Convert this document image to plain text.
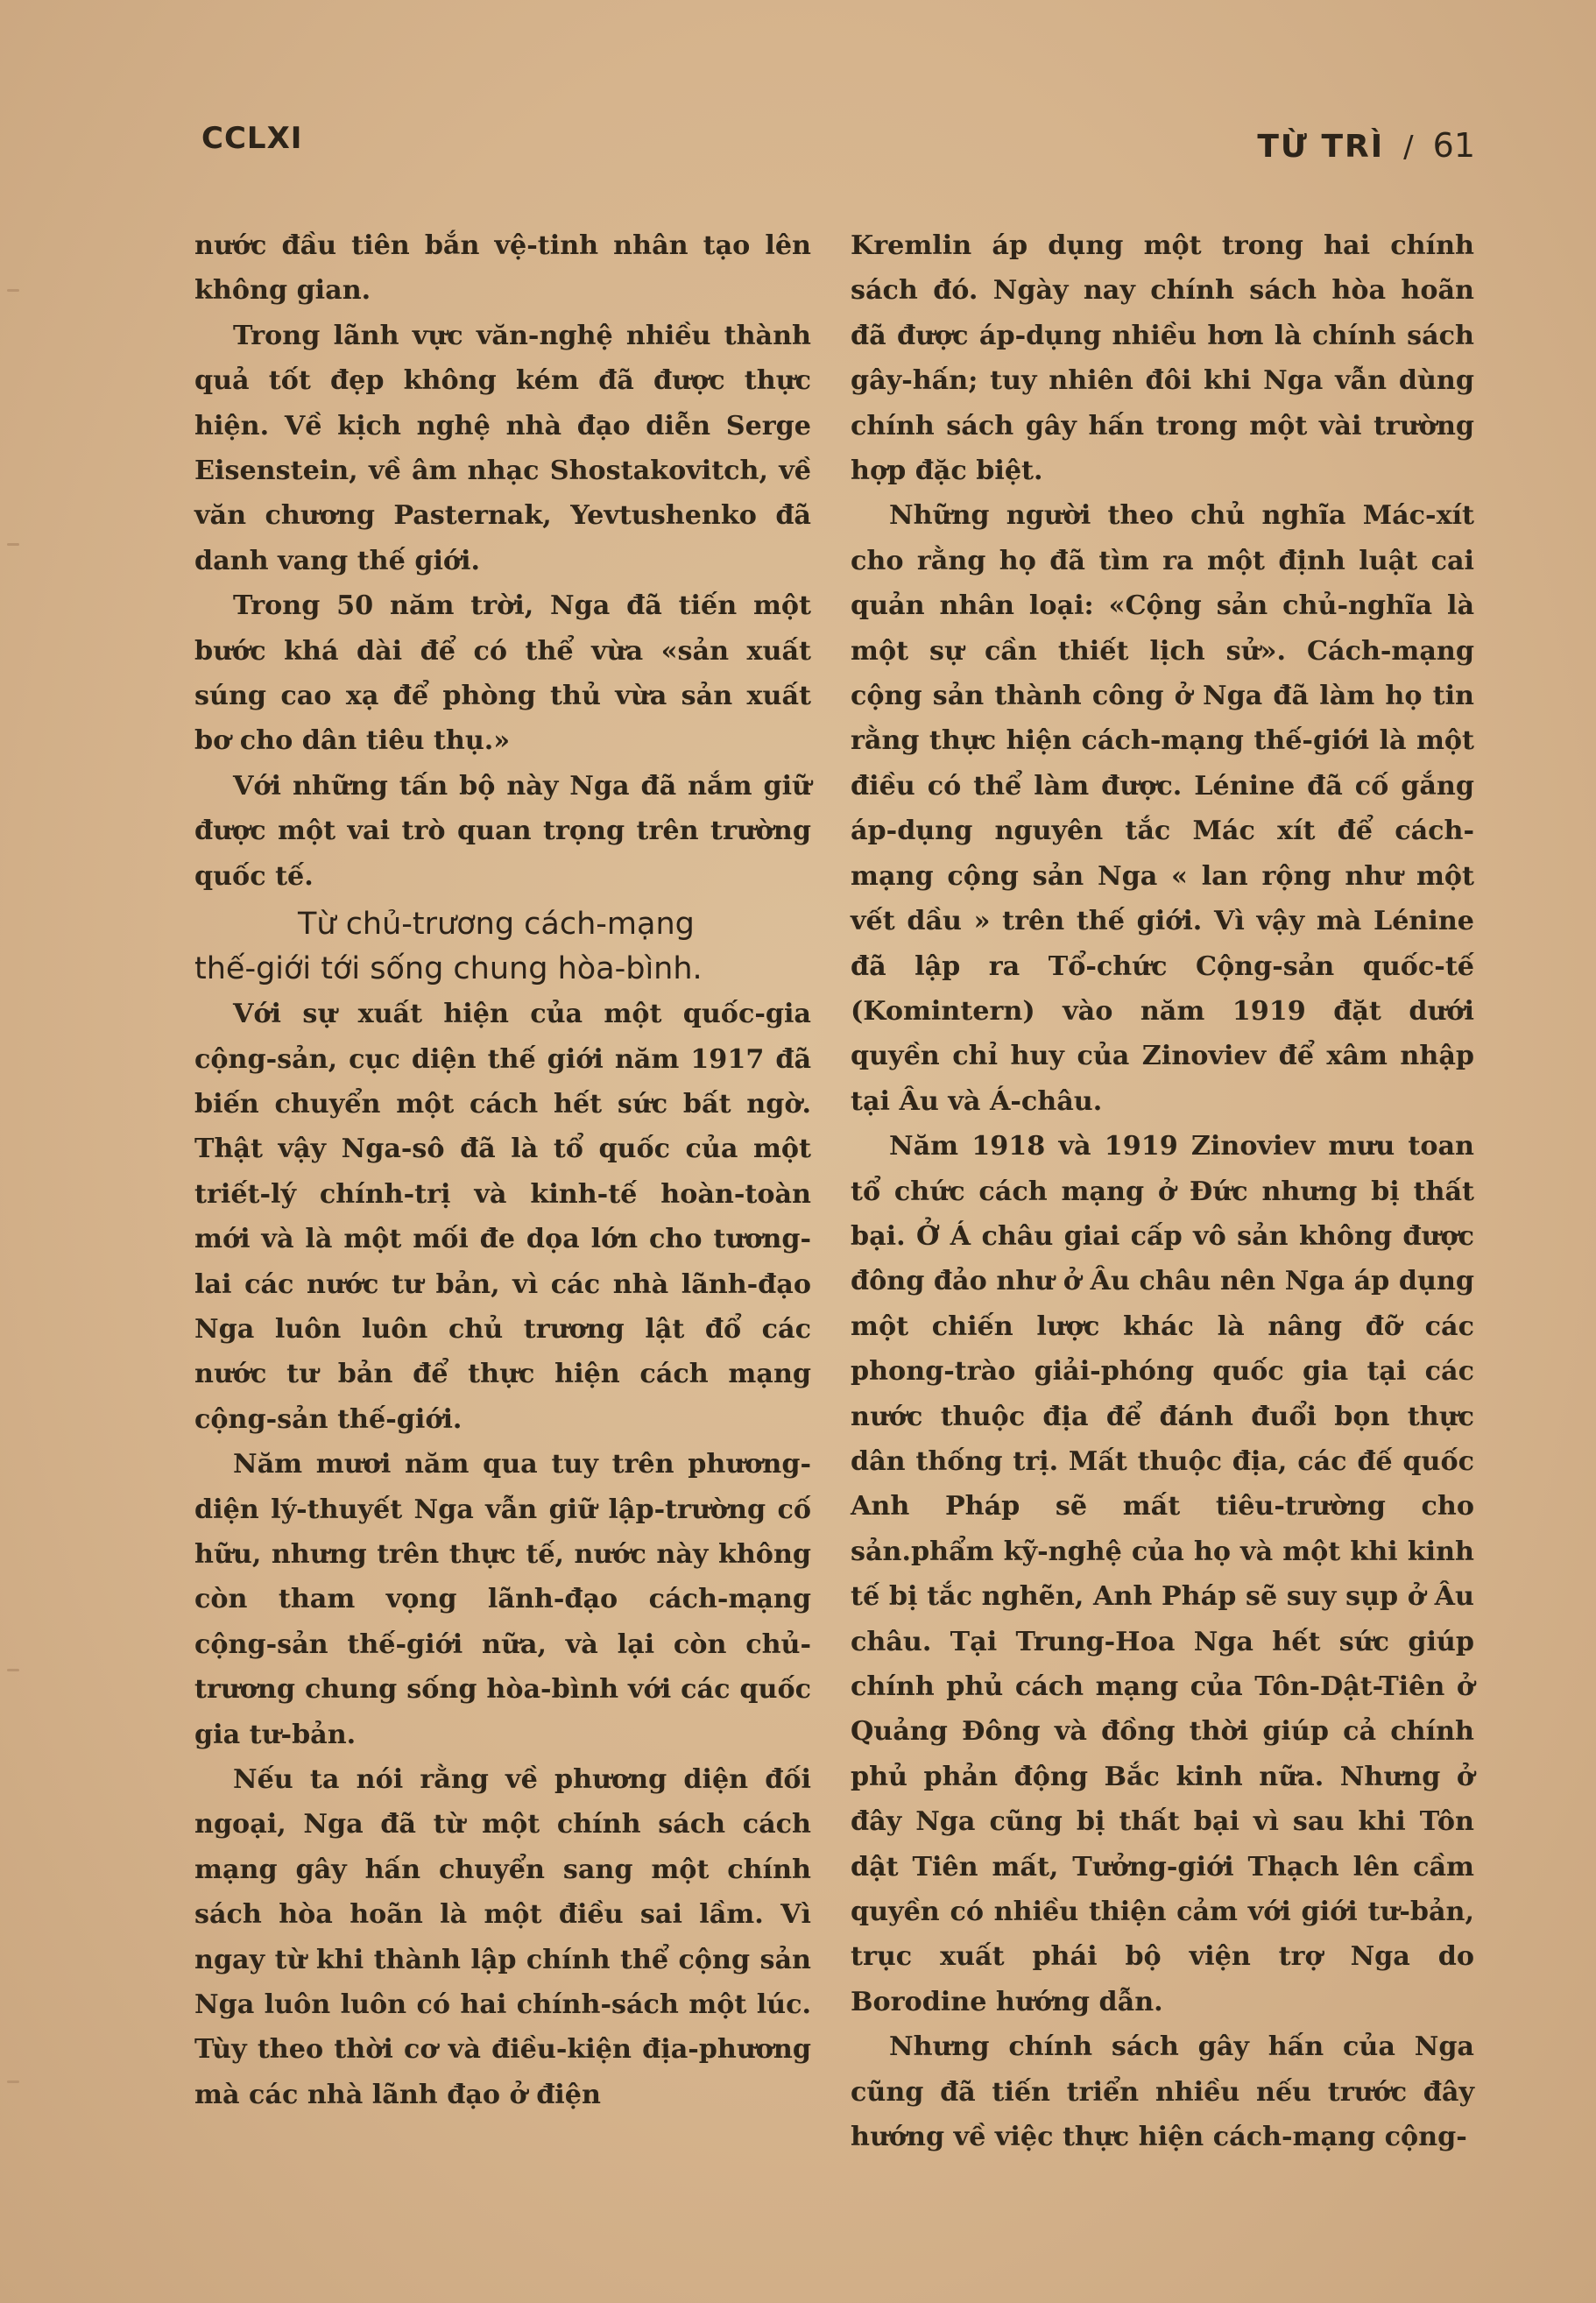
CCLXI	TỪ TRÌ / 61

nước đầu tiên bắn vệ-tinh nhân tạo lên không gian.

Trong lãnh vực văn-nghệ nhiều thành quả tốt đẹp không kém đã được thực hiện. Về kịch nghệ nhà đạo diễn Serge Eisenstein, về âm nhạc Shostakovitch, về văn chương Pasternak, Yevtushenko đã danh vang thế giới.

Trong 50 năm trời, Nga đã tiến một bước khá dài để có thể vừa «sản xuất súng cao xạ để phòng thủ vừa sản xuất bơ cho dân tiêu thụ.»

Với những tấn bộ này Nga đã nắm giữ được một vai trò quan trọng trên trường quốc tế.

Từ chủ-trương cách-mạng
thế-giới tới sống chung hòa-bình.

Với sự xuất hiện của một quốc-gia cộng-sản, cục diện thế giới năm 1917 đã biến chuyển một cách hết sức bất ngờ. Thật vậy Nga-sô đã là tổ quốc của một triết-lý chính-trị và kinh-tế hoàn-toàn mới và là một mối đe dọa lớn cho tương-lai các nước tư bản, vì các nhà lãnh-đạo Nga luôn luôn chủ trương lật đổ các nước tư bản để thực hiện cách mạng cộng-sản thế-giới.

Năm mươi năm qua tuy trên phương-diện lý-thuyết Nga vẫn giữ lập-trường cố hữu, nhưng trên thực tế, nước này không còn tham vọng lãnh-đạo cách-mạng cộng-sản thế-giới nữa, và lại còn chủ-trương chung sống hòa-bình với các quốc gia tư-bản.

Nếu ta nói rằng về phương diện đối ngoại, Nga đã từ một chính sách cách mạng gây hấn chuyển sang một chính sách hòa hoãn là một điều sai lầm. Vì ngay từ khi thành lập chính thể cộng sản Nga luôn luôn có hai chính-sách một lúc. Tùy theo thời cơ và điều-kiện địa-phương mà các nhà lãnh đạo ở điện

Kremlin áp dụng một trong hai chính sách đó. Ngày nay chính sách hòa hoãn đã được áp-dụng nhiều hơn là chính sách gây-hấn; tuy nhiên đôi khi Nga vẫn dùng chính sách gây hấn trong một vài trường hợp đặc biệt.

Những người theo chủ nghĩa Mác-xít cho rằng họ đã tìm ra một định luật cai quản nhân loại: «Cộng sản chủ-nghĩa là một sự cần thiết lịch sử». Cách-mạng cộng sản thành công ở Nga đã làm họ tin rằng thực hiện cách-mạng thế-giới là một điều có thể làm được. Lénine đã cố gắng áp-dụng nguyên tắc Mác xít để cách-mạng cộng sản Nga « lan rộng như một vết dầu » trên thế giới. Vì vậy mà Lénine đã lập ra Tổ-chức Cộng-sản quốc-tế (Komintern) vào năm 1919 đặt dưới quyền chỉ huy của Zinoviev để xâm nhập tại Âu và Á-châu.

Năm 1918 và 1919 Zinoviev mưu toan tổ chức cách mạng ở Đức nhưng bị thất bại. Ở Á châu giai cấp vô sản không được đông đảo như ở Âu châu nên Nga áp dụng một chiến lược khác là nâng đỡ các phong-trào giải-phóng quốc gia tại các nước thuộc địa để đánh đuổi bọn thực dân thống trị. Mất thuộc địa, các đế quốc Anh Pháp sẽ mất tiêu-trường cho sản.phẩm kỹ-nghệ của họ và một khi kinh tế bị tắc nghẽn, Anh Pháp sẽ suy sụp ở Âu châu. Tại Trung-Hoa Nga hết sức giúp chính phủ cách mạng của Tôn-Dật-Tiên ở Quảng Đông và đồng thời giúp cả chính phủ phản động Bắc kinh nữa. Nhưng ở đây Nga cũng bị thất bại vì sau khi Tôn dật Tiên mất, Tưởng-giới Thạch lên cầm quyền có nhiều thiện cảm với giới tư-bản, trục xuất phái bộ viện trợ Nga do Borodine hướng dẫn.

Nhưng chính sách gây hấn của Nga cũng đã tiến triển nhiều nếu trước đây hướng về việc thực hiện cách-mạng cộng-
